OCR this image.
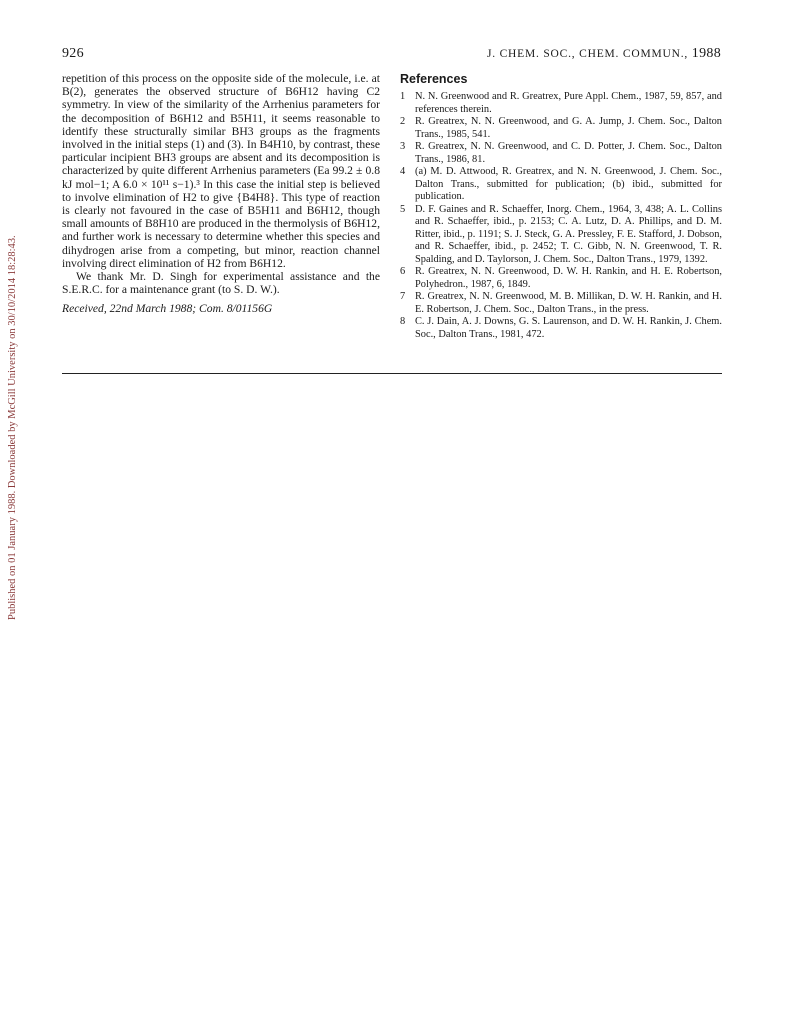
Published on 01 January 1988. Downloaded by McGill University on 30/10/2014 18:28:43.
926	J. CHEM. SOC., CHEM. COMMUN., 1988

repetition of this process on the opposite side of the molecule, i.e. at B(2), generates the observed structure of B6H12 having C2 symmetry. In view of the similarity of the Arrhenius parameters for the decomposition of B6H12 and B5H11, it seems reasonable to identify these structurally similar BH3 groups as the fragments involved in the initial steps (1) and (3). In B4H10, by contrast, these particular incipient BH3 groups are absent and its decomposition is characterized by quite different Arrhenius parameters (Ea 99.2 ± 0.8 kJ mol−1; A 6.0 × 10¹¹ s−1).³ In this case the initial step is believed to involve elimination of H2 to give {B4H8}. This type of reaction is clearly not favoured in the case of B5H11 and B6H12, though small amounts of B8H10 are produced in the thermolysis of B6H12, and further work is necessary to determine whether this species and dihydrogen arise from a competing, but minor, reaction channel involving direct elimination of H2 from B6H12.

We thank Mr. D. Singh for experimental assistance and the S.E.R.C. for a maintenance grant (to S. D. W.).

Received, 22nd March 1988; Com. 8/01156G

References
1 N. N. Greenwood and R. Greatrex, Pure Appl. Chem., 1987, 59, 857, and references therein.
2 R. Greatrex, N. N. Greenwood, and G. A. Jump, J. Chem. Soc., Dalton Trans., 1985, 541.
3 R. Greatrex, N. N. Greenwood, and C. D. Potter, J. Chem. Soc., Dalton Trans., 1986, 81.
4 (a) M. D. Attwood, R. Greatrex, and N. N. Greenwood, J. Chem. Soc., Dalton Trans., submitted for publication; (b) ibid., submitted for publication.
5 D. F. Gaines and R. Schaeffer, Inorg. Chem., 1964, 3, 438; A. L. Collins and R. Schaeffer, ibid., p. 2153; C. A. Lutz, D. A. Phillips, and D. M. Ritter, ibid., p. 1191; S. J. Steck, G. A. Pressley, F. E. Stafford, J. Dobson, and R. Schaeffer, ibid., p. 2452; T. C. Gibb, N. N. Greenwood, T. R. Spalding, and D. Taylorson, J. Chem. Soc., Dalton Trans., 1979, 1392.
6 R. Greatrex, N. N. Greenwood, D. W. H. Rankin, and H. E. Robertson, Polyhedron., 1987, 6, 1849.
7 R. Greatrex, N. N. Greenwood, M. B. Millikan, D. W. H. Rankin, and H. E. Robertson, J. Chem. Soc., Dalton Trans., in the press.
8 C. J. Dain, A. J. Downs, G. S. Laurenson, and D. W. H. Rankin, J. Chem. Soc., Dalton Trans., 1981, 472.
